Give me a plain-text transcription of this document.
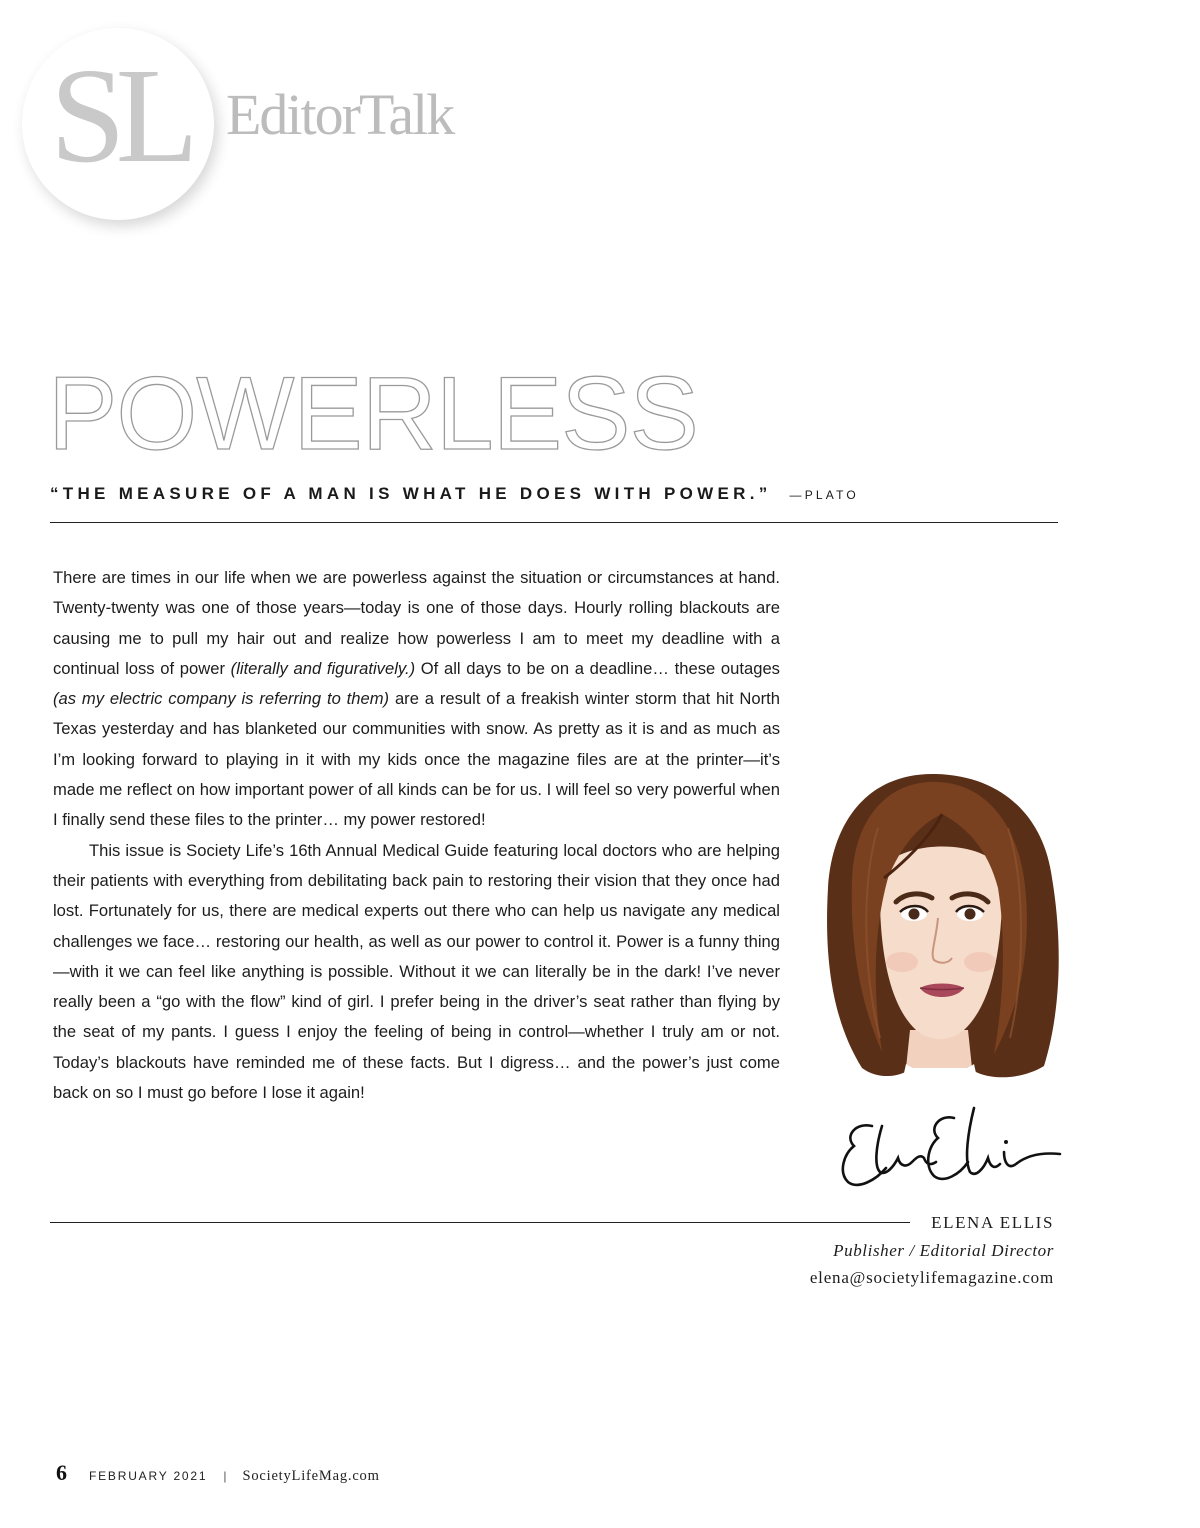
SL EditorTalk
POWERLESS
“THE MEASURE OF A MAN IS WHAT HE DOES WITH POWER.” —PLATO

There are times in our life when we are powerless against the situation or circumstances at hand. Twenty-twenty was one of those years—today is one of those days. Hourly rolling blackouts are causing me to pull my hair out and realize how powerless I am to meet my deadline with a continual loss of power (literally and figuratively.) Of all days to be on a deadline… these outages (as my electric company is referring to them) are a result of a freakish winter storm that hit North Texas yesterday and has blanketed our communities with snow. As pretty as it is and as much as I’m looking forward to playing in it with my kids once the magazine files are at the printer—it’s made me reflect on how important power of all kinds can be for us. I will feel so very powerful when I finally send these files to the printer… my power restored!

This issue is Society Life’s 16th Annual Medical Guide featuring local doctors who are helping their patients with everything from debilitating back pain to restoring their vision that they once had lost. Fortunately for us, there are medical experts out there who can help us navigate any medical challenges we face… restoring our health, as well as our power to control it. Power is a funny thing—with it we can feel like anything is possible. Without it we can literally be in the dark! I’ve never really been a “go with the flow” kind of girl. I prefer being in the driver’s seat rather than flying by the seat of my pants. I guess I enjoy the feeling of being in control—whether I truly am or not. Today’s blackouts have reminded me of these facts. But I digress… and the power’s just come back on so I must go before I lose it again!

ELENA ELLIS
Publisher / Editorial Director
elena@societylifemagazine.com
6 FEBRUARY 2021 | SocietyLifeMag.com
